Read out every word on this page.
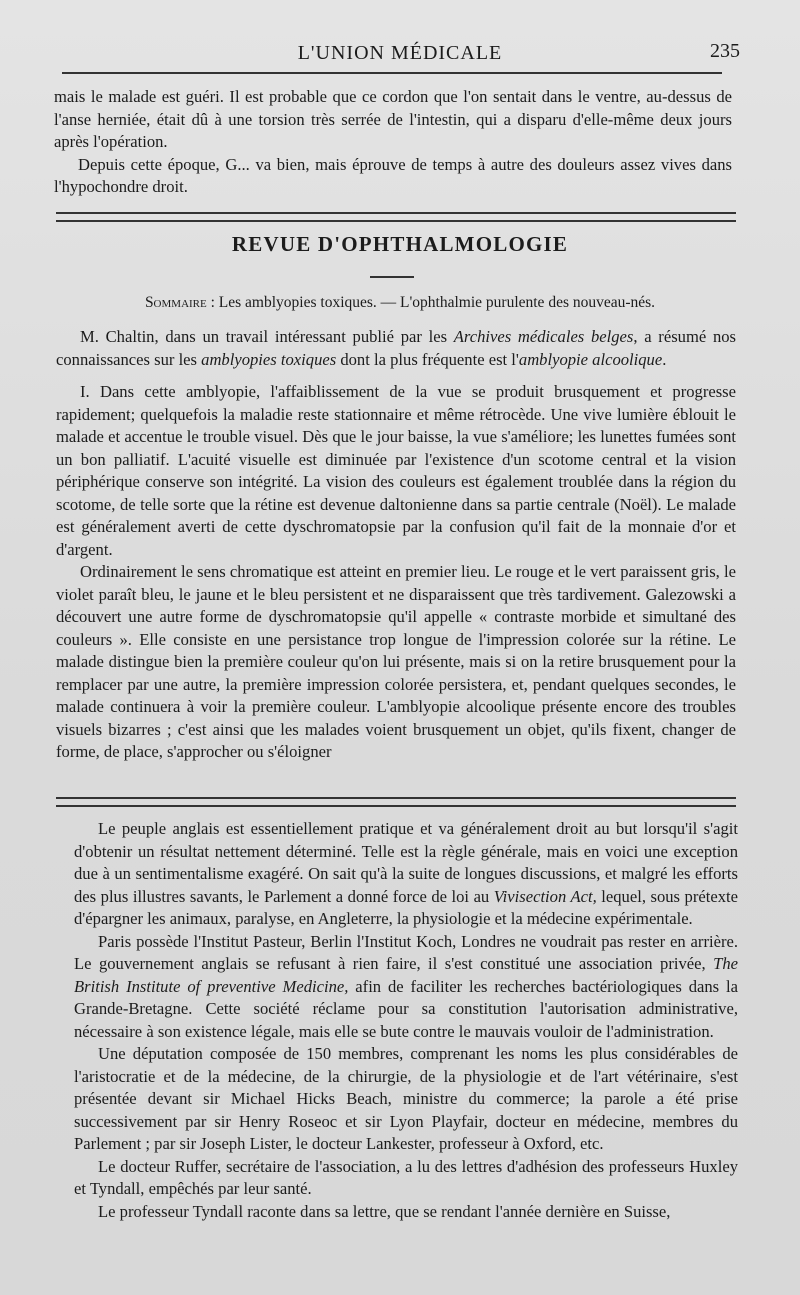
L'UNION MÉDICALE	235

mais le malade est guéri. Il est probable que ce cordon que l'on sentait dans le ventre, au-dessus de l'anse herniée, était dû à une torsion très serrée de l'intestin, qui a disparu d'elle-même deux jours après l'opération.

Depuis cette époque, G... va bien, mais éprouve de temps à autre des douleurs assez vives dans l'hypochondre droit.

REVUE D'OPHTHALMOLOGIE
Sommaire : Les amblyopies toxiques. — L'ophthalmie purulente des nouveau-nés.

M. Chaltin, dans un travail intéressant publié par les Archives médicales belges, a résumé nos connaissances sur les amblyopies toxiques dont la plus fréquente est l'amblyopie alcoolique.

I. Dans cette amblyopie, l'affaiblissement de la vue se produit brusquement et progresse rapidement; quelquefois la maladie reste stationnaire et même rétrocède. Une vive lumière éblouit le malade et accentue le trouble visuel. Dès que le jour baisse, la vue s'améliore; les lunettes fumées sont un bon palliatif. L'acuité visuelle est diminuée par l'existence d'un scotome central et la vision périphérique conserve son intégrité. La vision des couleurs est également troublée dans la région du scotome, de telle sorte que la rétine est devenue daltonienne dans sa partie centrale (Noël). Le malade est généralement averti de cette dyschromatopsie par la confusion qu'il fait de la monnaie d'or et d'argent.

Ordinairement le sens chromatique est atteint en premier lieu. Le rouge et le vert paraissent gris, le violet paraît bleu, le jaune et le bleu persistent et ne disparaissent que très tardivement. Galezowski a découvert une autre forme de dyschromatopsie qu'il appelle « contraste morbide et simultané des couleurs ». Elle consiste en une persistance trop longue de l'impression colorée sur la rétine. Le malade distingue bien la première couleur qu'on lui présente, mais si on la retire brusquement pour la remplacer par une autre, la première impression colorée persistera, et, pendant quelques secondes, le malade continuera à voir la première couleur. L'amblyopie alcoolique présente encore des troubles visuels bizarres ; c'est ainsi que les malades voient brusquement un objet, qu'ils fixent, changer de forme, de place, s'approcher ou s'éloigner

Le peuple anglais est essentiellement pratique et va généralement droit au but lorsqu'il s'agit d'obtenir un résultat nettement déterminé. Telle est la règle générale, mais en voici une exception due à un sentimentalisme exagéré. On sait qu'à la suite de longues discussions, et malgré les efforts des plus illustres savants, le Parlement a donné force de loi au Vivisection Act, lequel, sous prétexte d'épargner les animaux, paralyse, en Angleterre, la physiologie et la médecine expérimentale.

Paris possède l'Institut Pasteur, Berlin l'Institut Koch, Londres ne voudrait pas rester en arrière. Le gouvernement anglais se refusant à rien faire, il s'est constitué une association privée, The British Institute of preventive Medicine, afin de faciliter les recherches bactériologiques dans la Grande-Bretagne. Cette société réclame pour sa constitution l'autorisation administrative, nécessaire à son existence légale, mais elle se bute contre le mauvais vouloir de l'administration.

Une députation composée de 150 membres, comprenant les noms les plus considérables de l'aristocratie et de la médecine, de la chirurgie, de la physiologie et de l'art vétérinaire, s'est présentée devant sir Michael Hicks Beach, ministre du commerce; la parole a été prise successivement par sir Henry Roseoc et sir Lyon Playfair, docteur en médecine, membres du Parlement ; par sir Joseph Lister, le docteur Lankester, professeur à Oxford, etc.

Le docteur Ruffer, secrétaire de l'association, a lu des lettres d'adhésion des professeurs Huxley et Tyndall, empêchés par leur santé.

Le professeur Tyndall raconte dans sa lettre, que se rendant l'année dernière en Suisse,
